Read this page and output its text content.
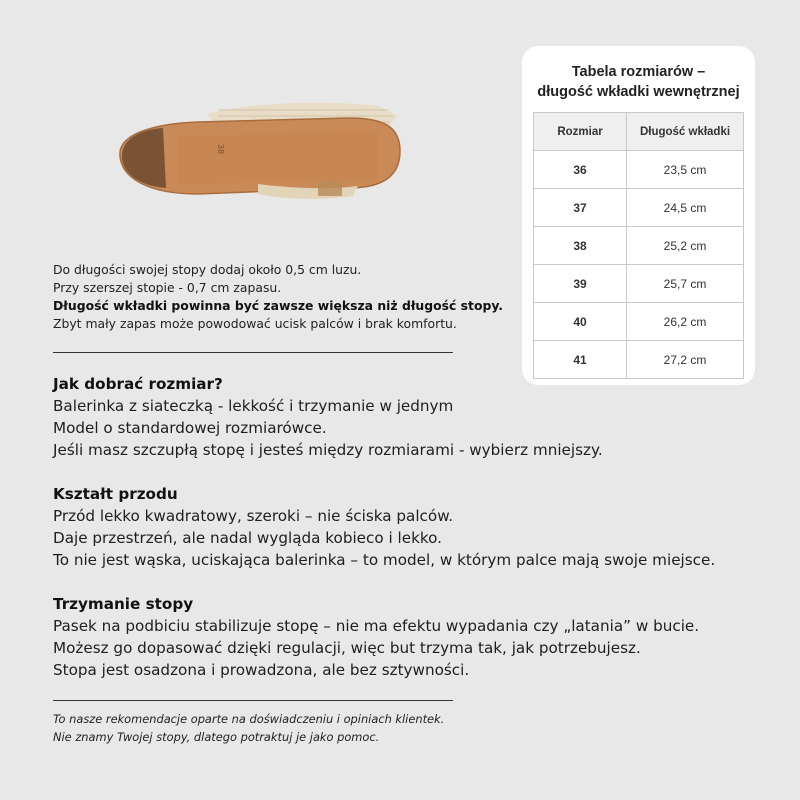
38
Do długości swojej stopy dodaj około 0,5 cm luzu.
Przy szerszej stopie - 0,7 cm zapasu.
Długość wkładki powinna być zawsze większa niż długość stopy.
Zbyt mały zapas może powodować ucisk palców i brak komfortu.
Jak dobrać rozmiar?

Balerinka z siateczką - lekkość i trzymanie w jednym

Model o standardowej rozmiarówce.

Jeśli masz szczupłą stopę i jesteś między rozmiarami - wybierz mniejszy.

Kształt przodu

Przód lekko kwadratowy, szeroki – nie ściska palców.

Daje przestrzeń, ale nadal wygląda kobieco i lekko.

To nie jest wąska, uciskająca balerinka – to model, w którym palce mają swoje miejsce.

Trzymanie stopy

Pasek na podbiciu stabilizuje stopę – nie ma efektu wypadania czy „latania” w bucie.

Możesz go dopasować dzięki regulacji, więc but trzyma tak, jak potrzebujesz.

Stopa jest osadzona i prowadzona, ale bez sztywności.

To nasze rekomendacje oparte na doświadczeniu i opiniach klientek.
Nie znamy Twojej stopy, dlatego potraktuj je jako pomoc.
Tabela rozmiarów –
długość wkładki wewnętrznej
Rozmiar	Długość wkładki
36	23,5 cm
37	24,5 cm
38	25,2 cm
39	25,7 cm
40	26,2 cm
41	27,2 cm
